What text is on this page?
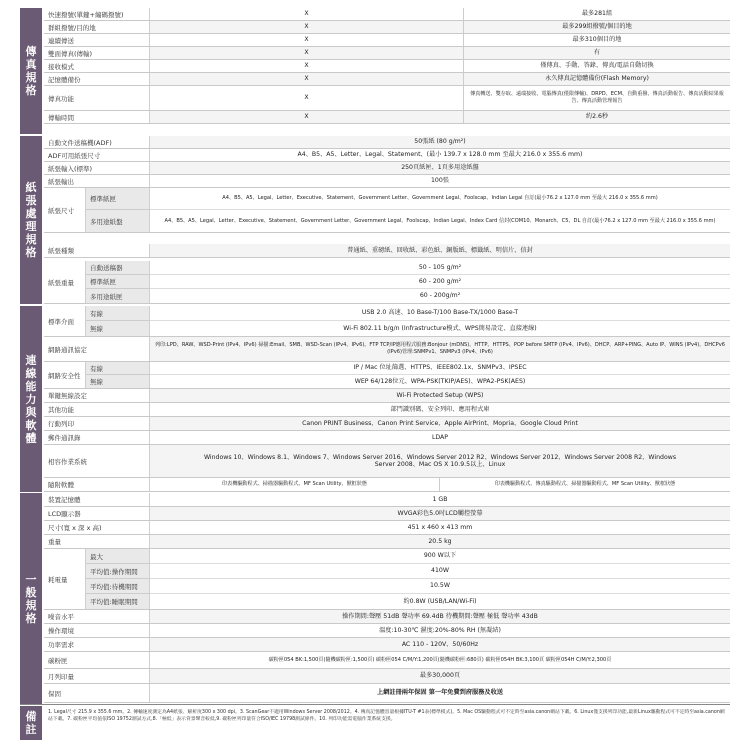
傳真規格
快速撥號(單鍵+編碼撥號)	X	最多281組
群組撥號/目的地	X	最多299組撥號/個目的地
連續傳送	X	最多310個目的地
雙面傳真(傳輸)	X	有
接收模式	X	僅傳真、手動、答錄、傳真/電話自動切換
記憶體備份	X	永久傳真記憶體備份(Flash Memory)
傳真功能	X	傳真轉送、雙存取、遠端接收、電腦傳真(僅限傳輸)、DRPD、ECM、自動重撥、傳真活動報告、傳真活動結果報告、傳真活動管理報告
傳輸時間	X	約2.6秒
紙張處理規格
自動文件送稿機(ADF)	50張紙 (80 g/m²)
ADF可用紙張尺寸	A4、B5、A5、Letter、Legal、Statement、(最小 139.7 x 128.0 mm 至最大 216.0 x 355.6 mm)
紙張輸入(標準)	250頁紙匣、1頁多用途紙盤
紙張輸出	100張
紙張尺寸
標準紙匣	A4、B5、A5、Legal、Letter、Executive、Statement、Government Letter、Government Legal、Foolscap、Indian Legal 自訂(最小76.2 x 127.0 mm 至最大 216.0 x 355.6 mm)
多用途紙盤	A4、B5、A5、Legal、Letter、Executive、Statement、Government Letter、Government Legal、Foolscap、Indian Legal、Index Card 信封(COM10、Monarch、C5、DL 自訂(最小76.2 x 127.0 mm 至最大 216.0 x 355.6 mm)
紙張種類	普通紙、重磅紙、回收紙、彩色紙、銅版紙、標籤紙、明信片、信封
紙張重量
自動送稿器	50 - 105 g/m²
標準紙匣	60 - 200 g/m²
多用途紙匣	60 - 200g/m²
連線能力與軟體
標準介面
有線	USB 2.0 高速、10 Base-T/100 Base-TX/1000 Base-T
無線	Wi-Fi 802.11 b/g/n (Infrastructure模式、WPS簡易設定、直接連線)
網路通訊協定
列印:LPD、RAW、WSD-Print (IPv4、IPv6) 掃描:Email、SMB、WSD-Scan (IPv4、IPv6)、FTP TCP/IP應用程式服務:Bonjour (mDNS)、HTTP、HTTPS、POP before SMTP (IPv4、IPv6)、DHCP、ARP+PING、Auto IP、WINS (IPv4)、DHCPv6 (IPv6)管理:SNMPv1、SNMPv3 (IPv4、IPv6)
網路安全性
有線	IP / Mac 位址篩選、HTTPS、IEEE802.1x、SNMPv3、IPSEC
無線	WEP 64/128位元、WPA-PSK(TKIP/AES)、WPA2-PSK(AES)
單鍵無線設定	Wi-Fi Protected Setup (WPS)
其他功能	部門識別碼、安全列印、應用程式庫
行動列印	Canon PRINT Business、Canon Print Service、Apple AirPrint、Mopria、Google Cloud Print
郵件通訊錄	LDAP
相容作業系統
Windows 10、Windows 8.1、Windows 7、Windows Server 2016、Windows Server 2012 R2、Windows Server 2012、Windows Server 2008 R2、Windows Server 2008、Mac OS X 10.9.5以上、Linux
隨附軟體	印表機驅動程式、掃描器驅動程式、MF Scan Utility、獸框狀態	印表機驅動程式、傳真驅動程式、掃描器驅動程式、MF Scan Utility、獸框狀態
一般規格
裝置記憶體	1 GB
LCD顯示器	WVGA彩色5.0吋LCD觸控螢幕
尺寸(寬 x 深 x 高)	451 x 460 x 413 mm
重量	20.5 kg
耗電量
最大	900 W以下
平均值:操作期間	410W
平均值:待機期間	10.5W
平均值:睡眠期間	約0.8W (USB/LAN/Wi-Fi)
噪音水平	操作期間:聲壓 51dB 聲功率 69.4dB 待機期間:聲壓 極低 聲功率 43dB
操作環境	溫度:10-30℃ 濕度:20%-80% RH (無凝結)
功率需求	AC 110 - 120V、50/60Hz
碳粉匣	碳粉匣054 BK:1,500頁(隨機碳粉匣:1,500頁) 碳粉匣054 C/M/Y:1,200頁(隨機碳粉匣:680頁) 碳粉匣054H BK:3,100頁 碳粉匣054H C/M/Y:2,300頁
月列印量	最多30,000頁
保固	上網註冊兩年保固 第一年免費到府服務及收送
備註
1. Legal尺寸 215.9 x 355.6 mm。2. 傳輸速度測定為A4紙張、解析度300 x 300 dpi。3. ScanGear不適用Windows Server 2008/2012。4. 傳真記憶體容量根據ITU-T #1表(標準模式)。5. Mac OS驅動程式可不定時至asia.canon網站下載。6. Linux僅支援列印功能,最新Linux驅動程式可不定時至asia.canon網站下載。7. 碳粉匣平均值依ISO 19752測試方式,8.「極低」表示背景聲音較低,9. 碳粉匣列印量符合ISO/IEC 19798測試條件。10. 列印功能需電腦作業系統支援。
